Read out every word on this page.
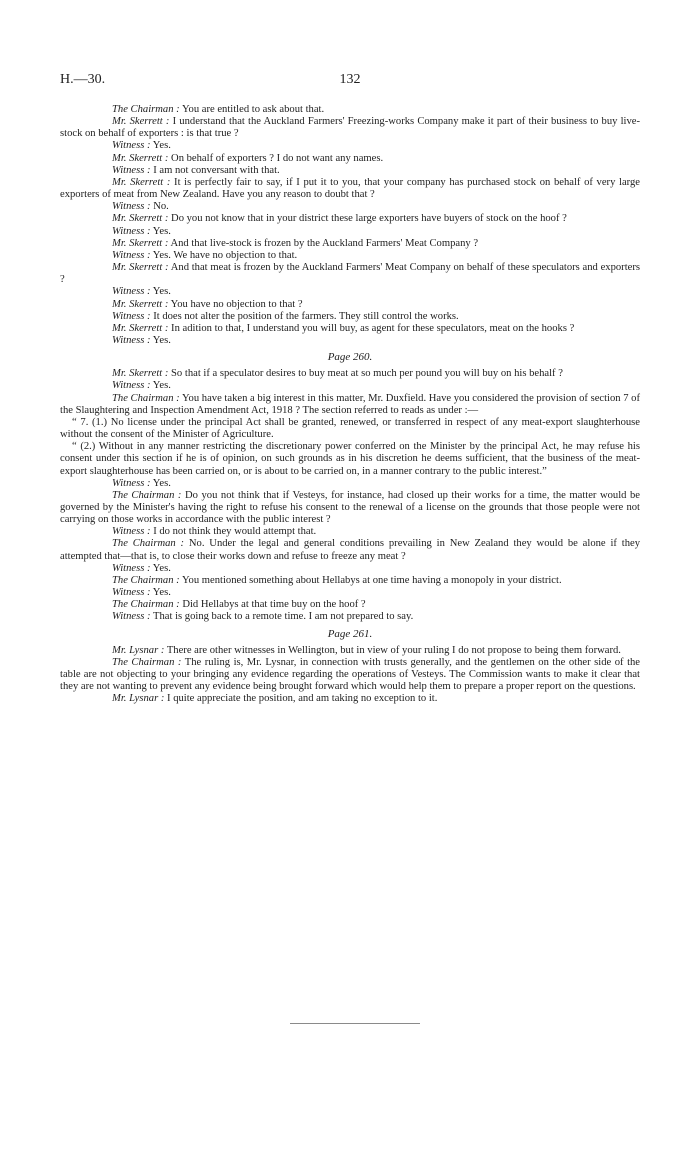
H.—30.	132

The Chairman : You are entitled to ask about that.

Mr. Skerrett : I understand that the Auckland Farmers' Freezing-works Company make it part of their business to buy live-stock on behalf of exporters : is that true ?

Witness : Yes.

Mr. Skerrett : On behalf of exporters ? I do not want any names.

Witness : I am not conversant with that.

Mr. Skerrett : It is perfectly fair to say, if I put it to you, that your company has purchased stock on behalf of very large exporters of meat from New Zealand. Have you any reason to doubt that ?

Witness : No.

Mr. Skerrett : Do you not know that in your district these large exporters have buyers of stock on the hoof ?

Witness : Yes.

Mr. Skerrett : And that live-stock is frozen by the Auckland Farmers' Meat Company ?

Witness : Yes. We have no objection to that.

Mr. Skerrett : And that meat is frozen by the Auckland Farmers' Meat Company on behalf of these speculators and exporters ?

Witness : Yes.

Mr. Skerrett : You have no objection to that ?

Witness : It does not alter the position of the farmers. They still control the works.

Mr. Skerrett : In adition to that, I understand you will buy, as agent for these speculators, meat on the hooks ?

Witness : Yes.

Page 260.

Mr. Skerrett : So that if a speculator desires to buy meat at so much per pound you will buy on his behalf ?

Witness : Yes.

The Chairman : You have taken a big interest in this matter, Mr. Duxfield. Have you considered the provision of section 7 of the Slaughtering and Inspection Amendment Act, 1918 ? The section referred to reads as under :—

“ 7. (1.) No license under the principal Act shall be granted, renewed, or transferred in respect of any meat-export slaughterhouse without the consent of the Minister of Agriculture.

“ (2.) Without in any manner restricting the discretionary power conferred on the Minister by the principal Act, he may refuse his consent under this section if he is of opinion, on such grounds as in his discretion he deems sufficient, that the business of the meat-export slaughterhouse has been carried on, or is about to be carried on, in a manner contrary to the public interest.”

Witness : Yes.

The Chairman : Do you not think that if Vesteys, for instance, had closed up their works for a time, the matter would be governed by the Minister's having the right to refuse his consent to the renewal of a license on the grounds that those people were not carrying on those works in accordance with the public interest ?

Witness : I do not think they would attempt that.

The Chairman : No. Under the legal and general conditions prevailing in New Zealand they would be alone if they attempted that—that is, to close their works down and refuse to freeze any meat ?

Witness : Yes.

The Chairman : You mentioned something about Hellabys at one time having a monopoly in your district.

Witness : Yes.

The Chairman : Did Hellabys at that time buy on the hoof ?

Witness : That is going back to a remote time. I am not prepared to say.

Page 261.

Mr. Lysnar : There are other witnesses in Wellington, but in view of your ruling I do not propose to being them forward.

The Chairman : The ruling is, Mr. Lysnar, in connection with trusts generally, and the gentlemen on the other side of the table are not objecting to your bringing any evidence regarding the operations of Vesteys. The Commission wants to make it clear that they are not wanting to prevent any evidence being brought forward which would help them to prepare a proper report on the questions.

Mr. Lysnar : I quite appreciate the position, and am taking no exception to it.
